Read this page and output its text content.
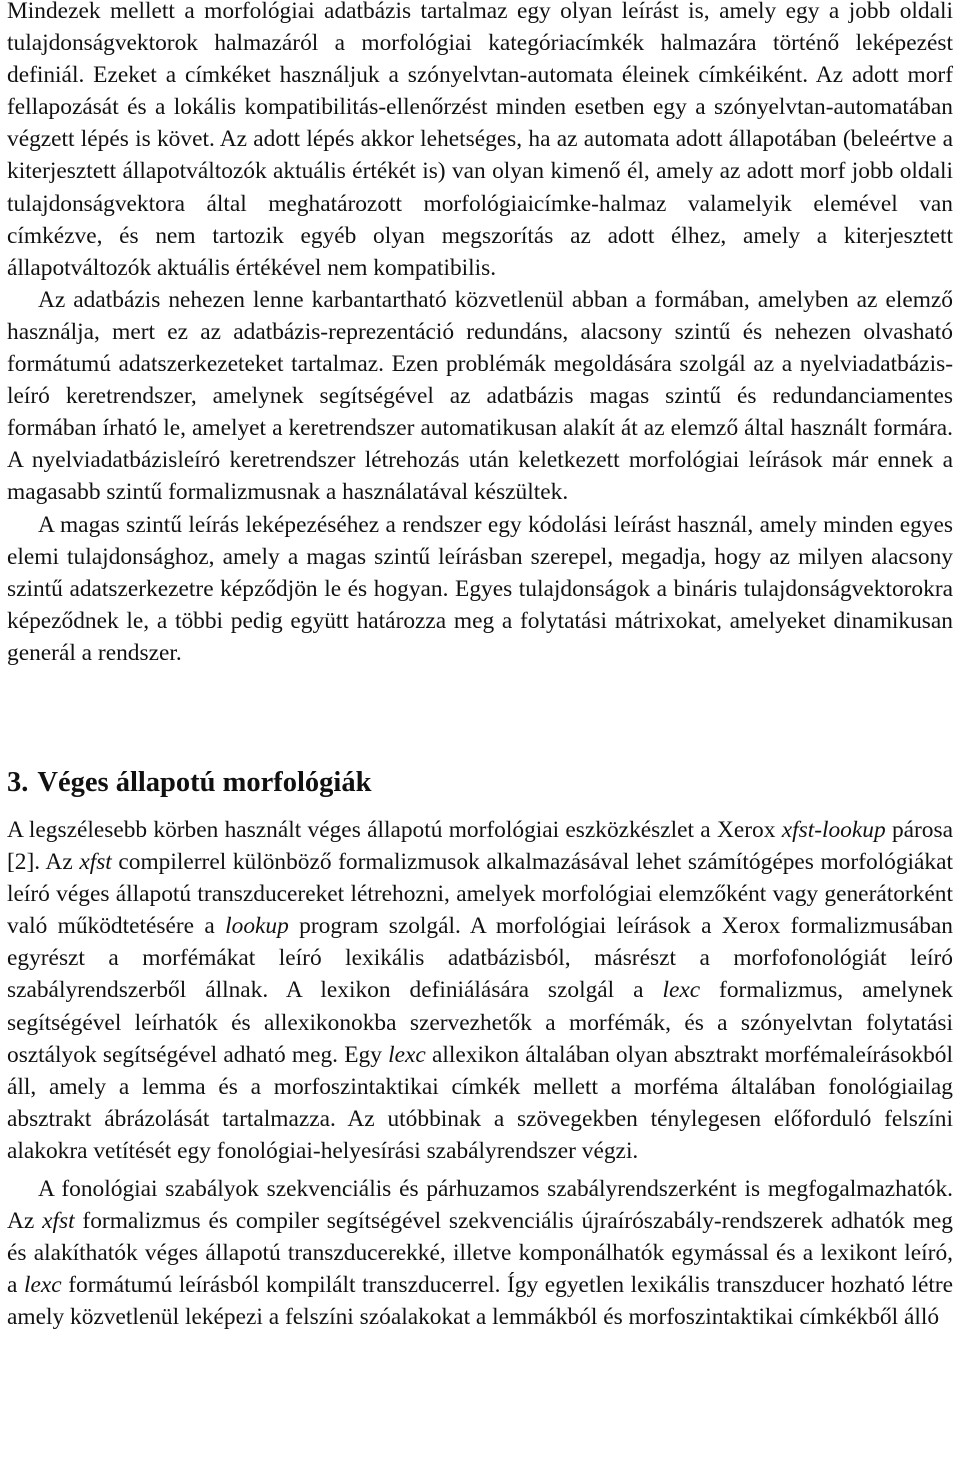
Mindezek mellett a morfológiai adatbázis tartalmaz egy olyan leírást is, amely egy a jobb oldali tulajdonságvektorok halmazáról a morfológiai kategóriacímkék halmazára történő leképezést definiál. Ezeket a címkéket használjuk a szónyelvtan-automata éleinek címkéiként. Az adott morf fellapozását és a lokális kompatibilitás-ellenőrzést minden esetben egy a szónyelvtan-automatában végzett lépés is követ. Az adott lépés akkor lehetséges, ha az automata adott állapotában (beleértve a kiterjesztett állapotváltozók aktuális értékét is) van olyan kimenő él, amely az adott morf jobb oldali tulajdonságvektora által meghatározott morfológiaicímke-halmaz valamelyik elemével van címkézve, és nem tartozik egyéb olyan megszorítás az adott élhez, amely a kiterjesztett állapotváltozók aktuális értékével nem kompatibilis.

Az adatbázis nehezen lenne karbantartható közvetlenül abban a formában, amelyben az elemző használja, mert ez az adatbázis-reprezentáció redundáns, alacsony szintű és nehezen olvasható formátumú adatszerkezeteket tartalmaz. Ezen problémák megoldására szolgál az a nyelviadatbázis-leíró keretrendszer, amelynek segítségével az adatbázis magas szintű és redundanciamentes formában írható le, amelyet a keretrendszer automatikusan alakít át az elemző által használt formára. A nyelviadatbázisleíró keretrendszer létrehozás után keletkezett morfológiai leírások már ennek a magasabb szintű formalizmusnak a használatával készültek.

A magas szintű leírás leképezéséhez a rendszer egy kódolási leírást használ, amely minden egyes elemi tulajdonsághoz, amely a magas szintű leírásban szerepel, megadja, hogy az milyen alacsony szintű adatszerkezetre képződjön le és hogyan. Egyes tulajdonságok a bináris tulajdonságvektorokra képeződnek le, a többi pedig együtt határozza meg a folytatási mátrixokat, amelyeket dinamikusan generál a rendszer.

3. Véges állapotú morfológiák

A legszélesebb körben használt véges állapotú morfológiai eszközkészlet a Xerox xfst-lookup párosa [2]. Az xfst compilerrel különböző formalizmusok alkalmazásával lehet számítógépes morfológiákat leíró véges állapotú transzducereket létrehozni, amelyek morfológiai elemzőként vagy generátorként való működtetésére a lookup program szolgál. A morfológiai leírások a Xerox formalizmusában egyrészt a morfémákat leíró lexikális adatbázisból, másrészt a morfofonológiát leíró szabályrendszerből állnak. A lexikon definiálására szolgál a lexc formalizmus, amelynek segítségével leírhatók és allexikonokba szervezhetők a morfémák, és a szónyelvtan folytatási osztályok segítségével adható meg. Egy lexc allexikon általában olyan absztrakt morfémaleírásokból áll, amely a lemma és a morfoszintaktikai címkék mellett a morféma általában fonológiailag absztrakt ábrázolását tartalmazza. Az utóbbinak a szövegekben ténylegesen előforduló felszíni alakokra vetítését egy fonológiai-helyesírási szabályrendszer végzi.

A fonológiai szabályok szekvenciális és párhuzamos szabályrendszerként is megfogalmazhatók. Az xfst formalizmus és compiler segítségével szekvenciális újraírószabály-rendszerek adhatók meg és alakíthatók véges állapotú transzducerekké, illetve komponálhatók egymással és a lexikont leíró, a lexc formátumú leírásból kompilált transzducerrel. Így egyetlen lexikális transzducer hozható létre amely közvetlenül leképezi a felszíni szóalakokat a lemmákból és morfoszintaktikai címkékből álló
